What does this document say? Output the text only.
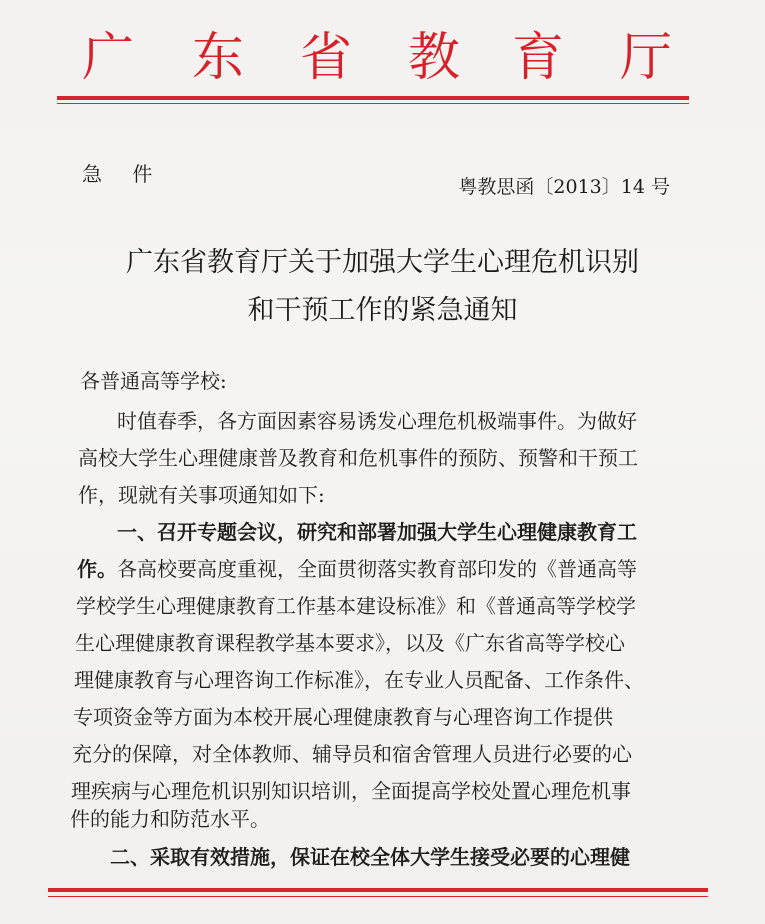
广 东 省 教 育 厅
急 件
粤教思函〔2013〕14 号
广东省教育厅关于加强大学生心理危机识别
和干预工作的紧急通知
各普通高等学校:
时值春季，各方面因素容易诱发心理危机极端事件。为做好
高校大学生心理健康普及教育和危机事件的预防、预警和干预工
作，现就有关事项通知如下:
一、召开专题会议，研究和部署加强大学生心理健康教育工
作。各高校要高度重视，全面贯彻落实教育部印发的《普通高等
学校学生心理健康教育工作基本建设标准》和《普通高等学校学
生心理健康教育课程教学基本要求》，以及《广东省高等学校心
理健康教育与心理咨询工作标准》，在专业人员配备、工作条件、
专项资金等方面为本校开展心理健康教育与心理咨询工作提供
充分的保障，对全体教师、辅导员和宿舍管理人员进行必要的心
理疾病与心理危机识别知识培训，全面提高学校处置心理危机事
件的能力和防范水平。
二、采取有效措施，保证在校全体大学生接受必要的心理健
